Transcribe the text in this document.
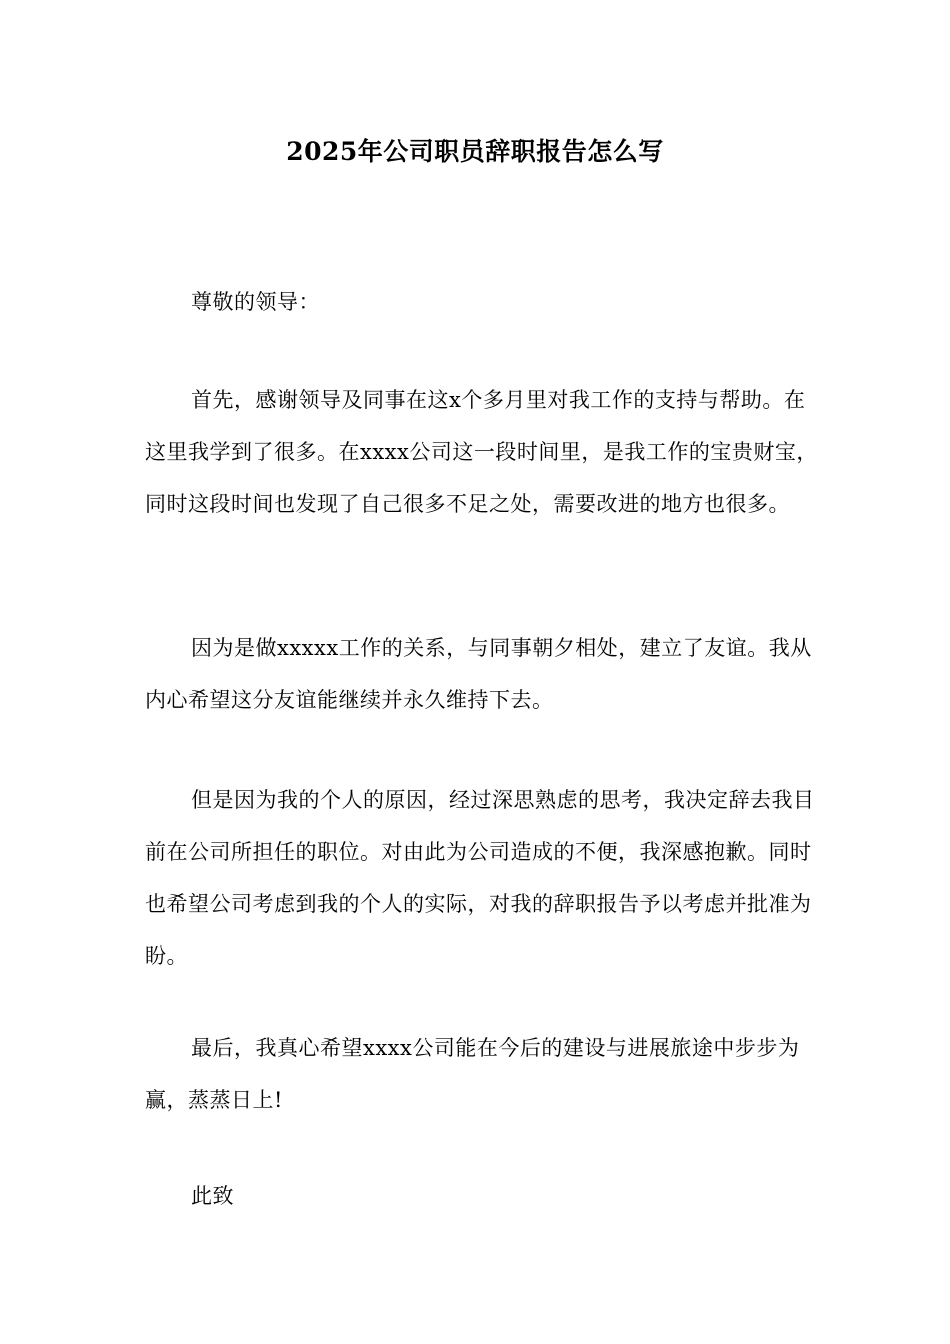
2025年公司职员辞职报告怎么写

尊敬的领导：

首先，感谢领导及同事在这x个多月里对我工作的支持与帮助。在这里我学到了很多。在xxxx公司这一段时间里，是我工作的宝贵财宝，同时这段时间也发现了自己很多不足之处，需要改进的地方也很多。

因为是做xxxxx工作的关系，与同事朝夕相处，建立了友谊。我从内心希望这分友谊能继续并永久维持下去。

但是因为我的个人的原因，经过深思熟虑的思考，我决定辞去我目前在公司所担任的职位。对由此为公司造成的不便，我深感抱歉。同时也希望公司考虑到我的个人的实际，对我的辞职报告予以考虑并批准为盼。

最后，我真心希望xxxx公司能在今后的建设与进展旅途中步步为赢，蒸蒸日上!

此致
